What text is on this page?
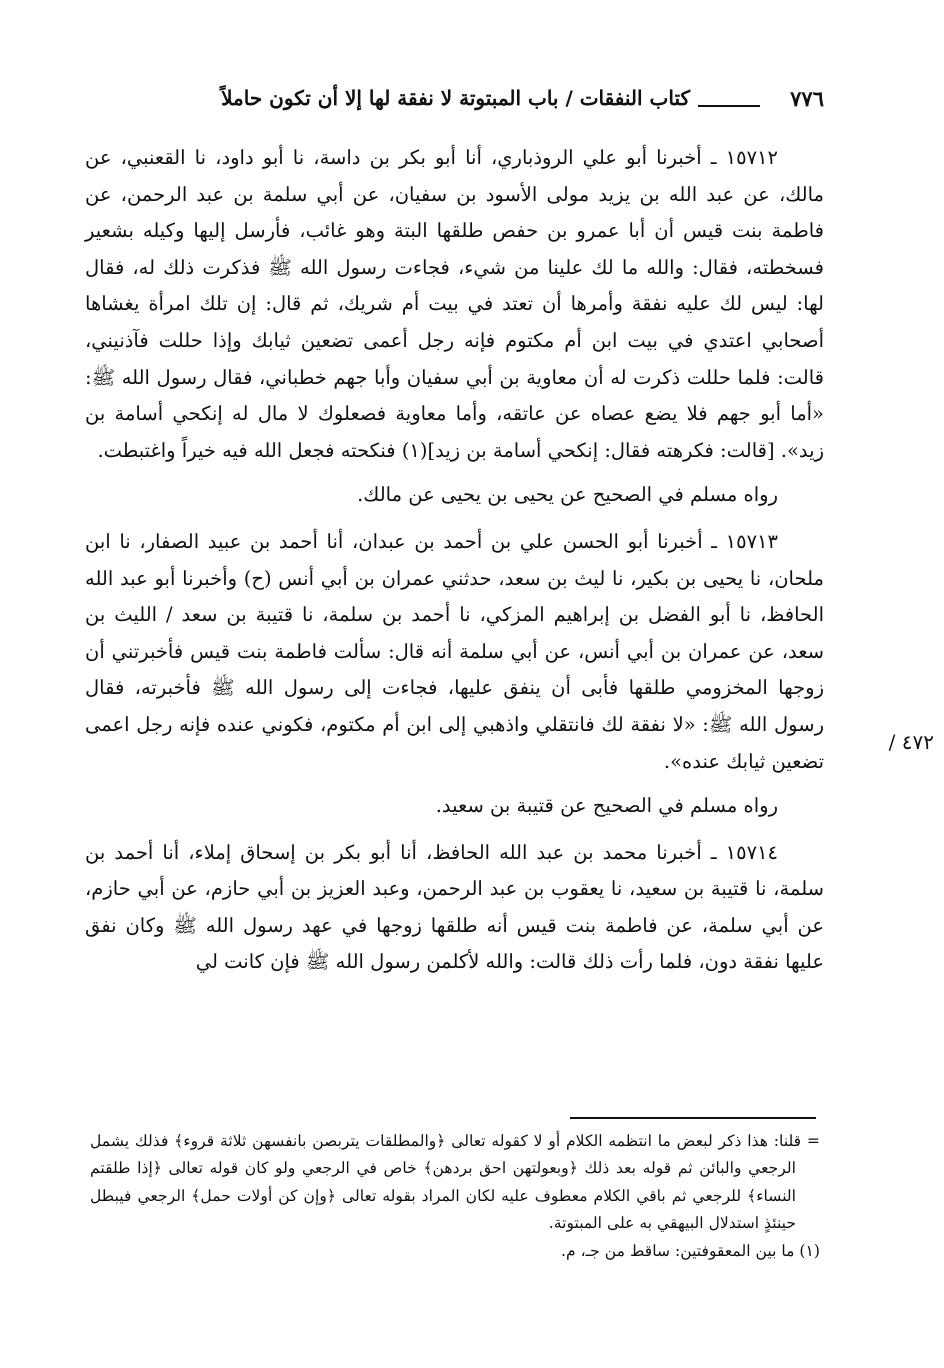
٧٧٦
كتاب النفقات / باب المبتوتة لا نفقة لها إلا أن تكون حاملاً

١٥٧١٢ ـ أخبرنا أبو علي الروذباري، أنا أبو بكر بن داسة، نا أبو داود، نا القعنبي، عن مالك، عن عبد الله بن يزيد مولى الأسود بن سفيان، عن أبي سلمة بن عبد الرحمن، عن فاطمة بنت قيس أن أبا عمرو بن حفص طلقها البتة وهو غائب، فأرسل إليها وكيله بشعير فسخطته، فقال: والله ما لك علينا من شيء، فجاءت رسول الله ﷺ فذكرت ذلك له، فقال لها: ليس لك عليه نفقة وأمرها أن تعتد في بيت أم شريك، ثم قال: إن تلك امرأة يغشاها أصحابي اعتدي في بيت ابن أم مكتوم فإنه رجل أعمى تضعين ثيابك وإذا حللت فآذنيني، قالت: فلما حللت ذكرت له أن معاوية بن أبي سفيان وأبا جهم خطباني، فقال رسول الله ﷺ: «أما أبو جهم فلا يضع عصاه عن عاتقه، وأما معاوية فصعلوك لا مال له إنكحي أسامة بن زيد». [قالت: فكرهته فقال: إنكحي أسامة بن زيد](١) فنكحته فجعل الله فيه خيراً واغتبطت.

رواه مسلم في الصحيح عن يحيى بن يحيى عن مالك.

١٥٧١٣ ـ أخبرنا أبو الحسن علي بن أحمد بن عبدان، أنا أحمد بن عبيد الصفار، نا ابن ملحان، نا يحيى بن بكير، نا ليث بن سعد، حدثني عمران بن أبي أنس (ح) وأخبرنا أبو عبد الله الحافظ، نا أبو الفضل بن إبراهيم المزكي، نا أحمد بن سلمة، نا قتيبة بن سعد / الليث بن سعد، عن عمران بن أبي أنس، عن أبي سلمة أنه قال: سألت فاطمة بنت قيس فأخبرتني أن زوجها المخزومي طلقها فأبى أن ينفق عليها، فجاءت إلى رسول الله ﷺ فأخبرته، فقال رسول الله ﷺ: «لا نفقة لك فانتقلي واذهبي إلى ابن أم مكتوم، فكوني عنده فإنه رجل اعمى تضعين ثيابك عنده».

رواه مسلم في الصحيح عن قتيبة بن سعيد.

١٥٧١٤ ـ أخبرنا محمد بن عبد الله الحافظ، أنا أبو بكر بن إسحاق إملاء، أنا أحمد بن سلمة، نا قتيبة بن سعيد، نا يعقوب بن عبد الرحمن، وعبد العزيز بن أبي حازم، عن أبي حازم، عن أبي سلمة، عن فاطمة بنت قيس أنه طلقها زوجها في عهد رسول الله ﷺ وكان نفق عليها نفقة دون، فلما رأت ذلك قالت: والله لأكلمن رسول الله ﷺ فإن كانت لي

٤٧٢ /

= قلنا: هذا ذكر لبعض ما انتظمه الكلام أو لا كقوله تعالى ﴿والمطلقات يتربصن بانفسهن ثلاثة قروء﴾ فذلك يشمل الرجعي والبائن ثم قوله بعد ذلك ﴿وبعولتهن احق بردهن﴾ خاص في الرجعي ولو كان قوله تعالى ﴿إذا طلقتم النساء﴾ للرجعي ثم باقي الكلام معطوف عليه لكان المراد بقوله تعالى ﴿وإن كن أولات حمل﴾ الرجعي فيبطل حينئذٍ استدلال البيهقي به على المبتوتة.

(١) ما بين المعقوفتين: ساقط من جـ، م.
